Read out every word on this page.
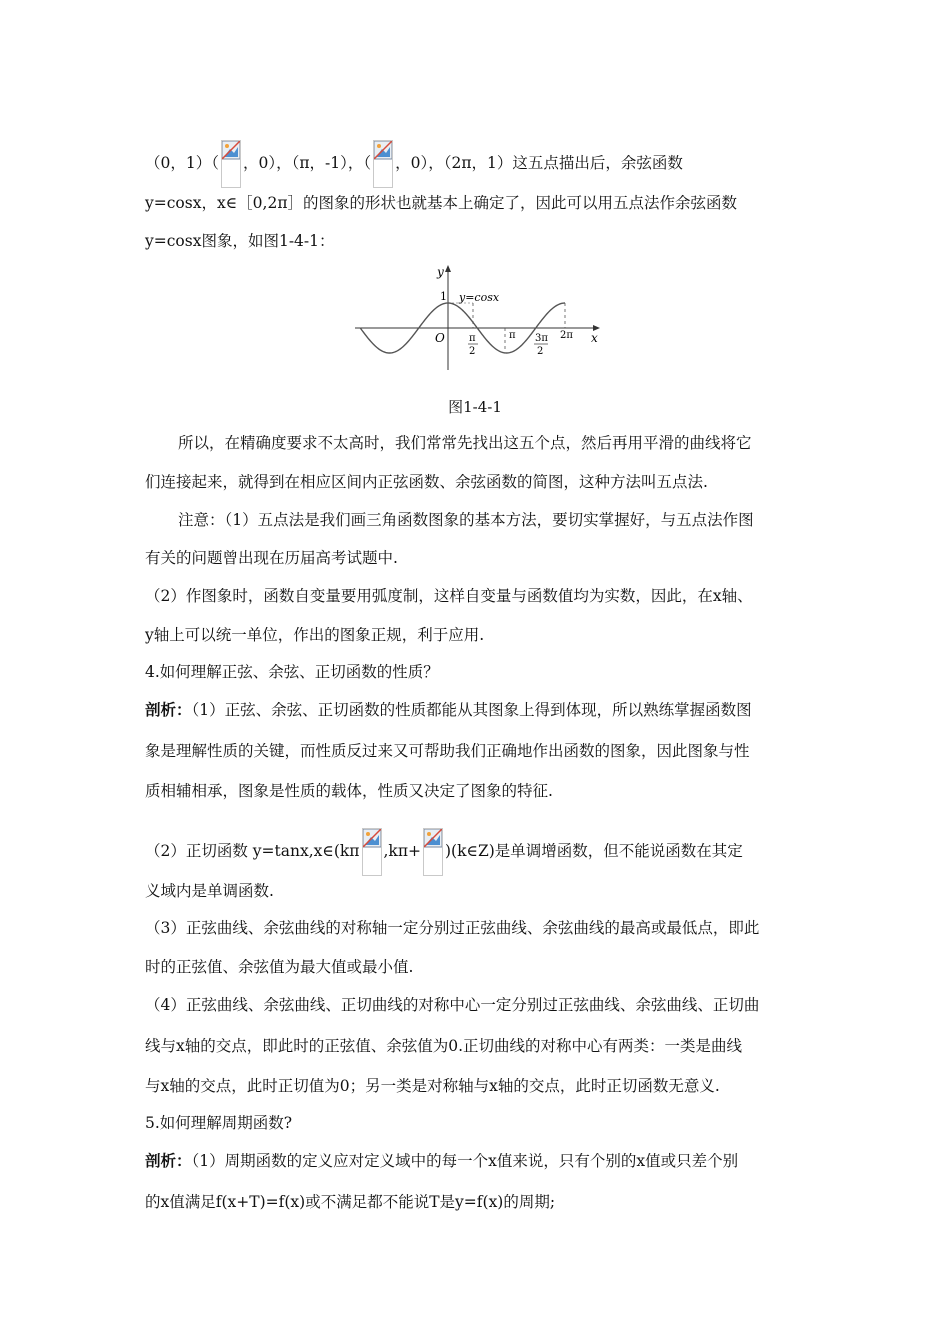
（0，1）（ ，0），（π，-1），（ ，0），（2π，1）这五点描出后，余弦函数
y=cosx，x∈［0,2π］的图象的形状也就基本上确定了，因此可以用五点法作余弦函数
y=cosx图象，如图1-4-1：
y
x
O
1 y=cosx
π
2
π 3π
2
2π
图1-4-1
所以，在精确度要求不太高时，我们常常先找出这五个点，然后再用平滑的曲线将它
们连接起来，就得到在相应区间内正弦函数、余弦函数的简图，这种方法叫五点法.
注意：（1）五点法是我们画三角函数图象的基本方法，要切实掌握好，与五点法作图
有关的问题曾出现在历届高考试题中.
（2）作图象时，函数自变量要用弧度制，这样自变量与函数值均为实数，因此，在x轴、
y轴上可以统一单位，作出的图象正规，利于应用.
4.如何理解正弦、余弦、正切函数的性质？
剖析：（1）正弦、余弦、正切函数的性质都能从其图象上得到体现，所以熟练掌握函数图
象是理解性质的关键，而性质反过来又可帮助我们正确地作出函数的图象，因此图象与性
质相辅相承，图象是性质的载体，性质又决定了图象的特征.
（2）正切函数 y=tanx,x∈(kπ ,kπ+ )(k∈Z)是单调增函数，但不能说函数在其定
义域内是单调函数.
（3）正弦曲线、余弦曲线的对称轴一定分别过正弦曲线、余弦曲线的最高或最低点，即此
时的正弦值、余弦值为最大值或最小值.
（4）正弦曲线、余弦曲线、正切曲线的对称中心一定分别过正弦曲线、余弦曲线、正切曲
线与x轴的交点，即此时的正弦值、余弦值为0.正切曲线的对称中心有两类：一类是曲线
与x轴的交点，此时正切值为0；另一类是对称轴与x轴的交点，此时正切函数无意义.
5.如何理解周期函数?
剖析：（1）周期函数的定义应对定义域中的每一个x值来说，只有个别的x值或只差个别
的x值满足f(x+T)=f(x)或不满足都不能说T是y=f(x)的周期;
